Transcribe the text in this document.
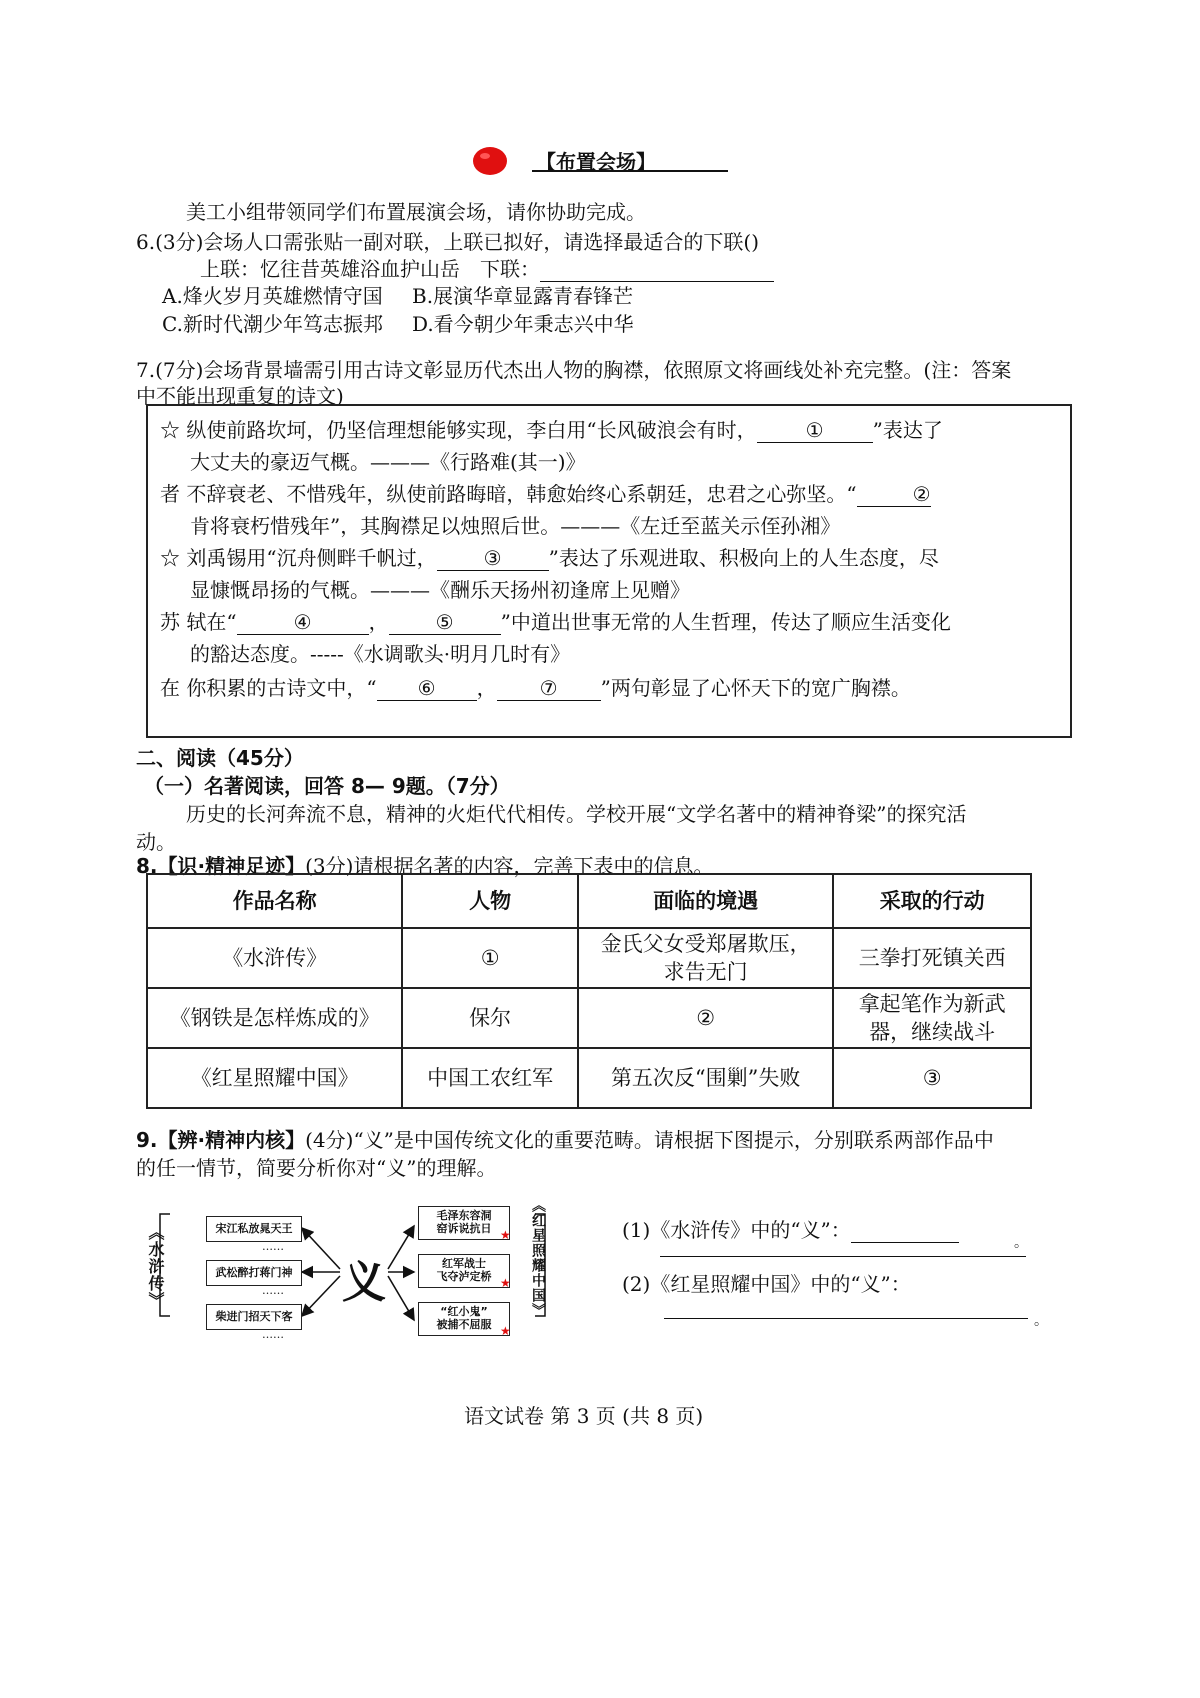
【布置会场】
美工小组带领同学们布置展演会场，请你协助完成。
6.(3分)会场人口需张贴一副对联，上联已拟好，请选择最适合的下联()
上联：忆往昔英雄浴血护山岳　下联：
A.烽火岁月英雄燃情守国 B.展演华章显露青春锋芒
C.新时代潮少年笃志振邦 D.看今朝少年秉志兴中华
7.(7分)会场背景墙需引用古诗文彰显历代杰出人物的胸襟，依照原文将画线处补充完整。(注：答案
中不能出现重复的诗文)
☆ 纵使前路坎坷，仍坚信理想能够实现，李白用“长风破浪会有时， ① ”表达了
大丈夫的豪迈气概。———《行路难(其一)》
者 不辞衰老、不惜残年，纵使前路晦暗，韩愈始终心系朝廷，忠君之心弥坚。“	②
肯将衰朽惜残年”，其胸襟足以烛照后世。———《左迁至蓝关示侄孙湘》
☆ 刘禹锡用“沉舟侧畔千帆过， ③ ”表达了乐观进取、积极向上的人生态度，尽
显慷慨昂扬的气概。———《酬乐天扬州初逢席上见赠》
苏 轼在“	④	， ⑤ ”中道出世事无常的人生哲理，传达了顺应生活变化
的豁达态度。-----《水调歌头·明月几时有》
在 你积累的古诗文中，“ ⑥ ， ⑦ ”两句彰显了心怀天下的宽广胸襟。
二、阅读（45分）
（一）名著阅读，回答 8— 9题。（7分）
历史的长河奔流不息，精神的火炬代代相传。学校开展“文学名著中的精神脊梁”的探究活
动。
8.【识·精神足迹】(3分)请根据名著的内容，完善下表中的信息。
作品名称	人物	面临的境遇	采取的行动
《水浒传》	①	金氏父女受郑屠欺压，
求告无门	三拳打死镇关西
《钢铁是怎样炼成的》	保尔	②	拿起笔作为新武
器，继续战斗
《红星照耀中国》	中国工农红军	第五次反“围剿”失败	③
9.【辨·精神内核】(4分)“义”是中国传统文化的重要范畴。请根据下图提示，分别联系两部作品中
的任一情节，简要分析你对“义”的理解。
《水浒传》	宋江私放晁天王
……
武松醉打蒋门神
……
柴进门招天下客
……
义
毛泽东容洞
窑诉说抗日
红军战士
飞夺泸定桥
“红小鬼”
被捕不屈服
★
★
★
《红星照耀中国》	(1)《水浒传》中的“义”：
。
(2)《红星照耀中国》中的“义”：
。
语文试卷 第 3 页 (共 8 页)
